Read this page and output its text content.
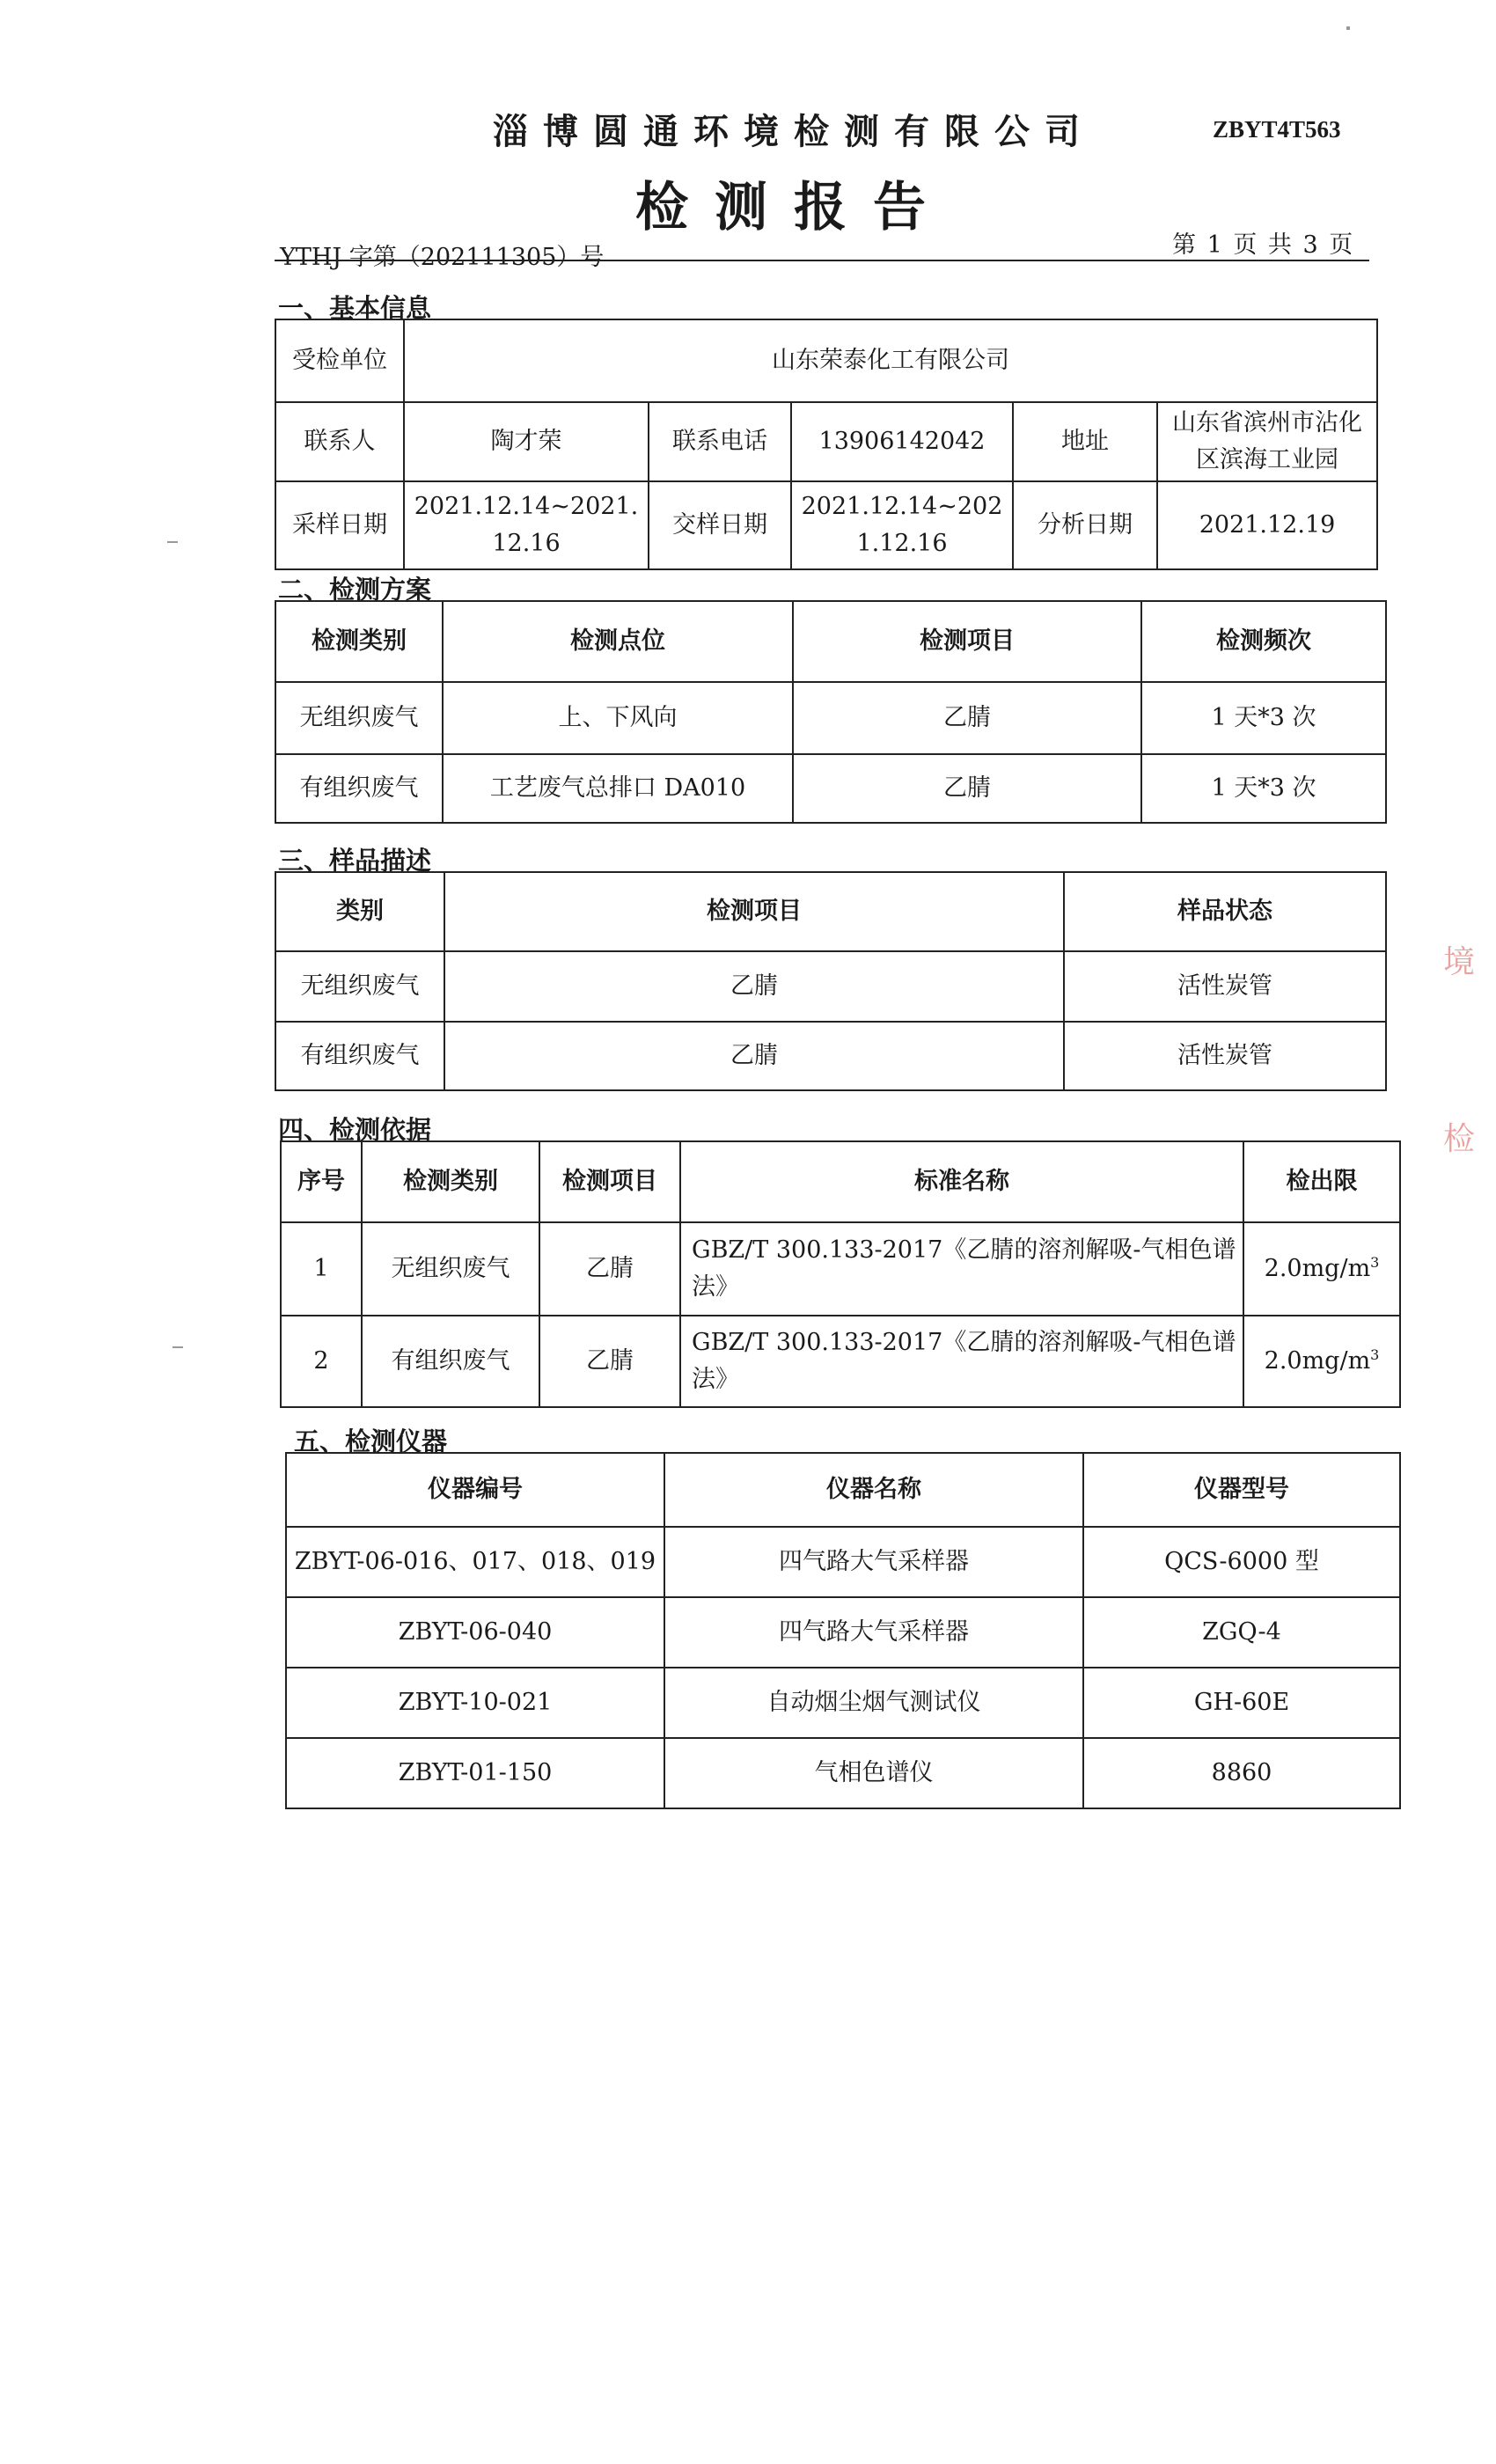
淄博圆通环境检测有限公司	ZBYT4T563
检测报告
YTHJ 字第（202111305）号	第 1 页 共 3 页
一、基本信息
受检单位	山东荣泰化工有限公司				
联系人	陶才荣	联系电话	13906142042	地址	山东省滨州市沾化区滨海工业园
采样日期	2021.12.14~2021.12.16	交样日期	2021.12.14~2021.12.16	分析日期	2021.12.19
二、检测方案
检测类别	检测点位	检测项目	检测频次
无组织废气	上、下风向	乙腈	1 天*3 次
有组织废气	工艺废气总排口 DA010	乙腈	1 天*3 次
三、样品描述
类别	检测项目	样品状态
无组织废气	乙腈	活性炭管
有组织废气	乙腈	活性炭管
四、检测依据
序号	检测类别	检测项目	标准名称	检出限
1	无组织废气	乙腈	GBZ/T 300.133-2017《乙腈的溶剂解吸-气相色谱法》	$2.0mg/m^3$
2	有组织废气	乙腈	GBZ/T 300.133-2017《乙腈的溶剂解吸-气相色谱法》	$2.0mg/m^3$
五、检测仪器
仪器编号	仪器名称	仪器型号
ZBYT-06-016、017、018、019	四气路大气采样器	QCS-6000 型
ZBYT-06-040	四气路大气采样器	ZGQ-4
ZBYT-10-021	自动烟尘烟气测试仪	GH-60E
ZBYT-01-150	气相色谱仪	8860
境
检
